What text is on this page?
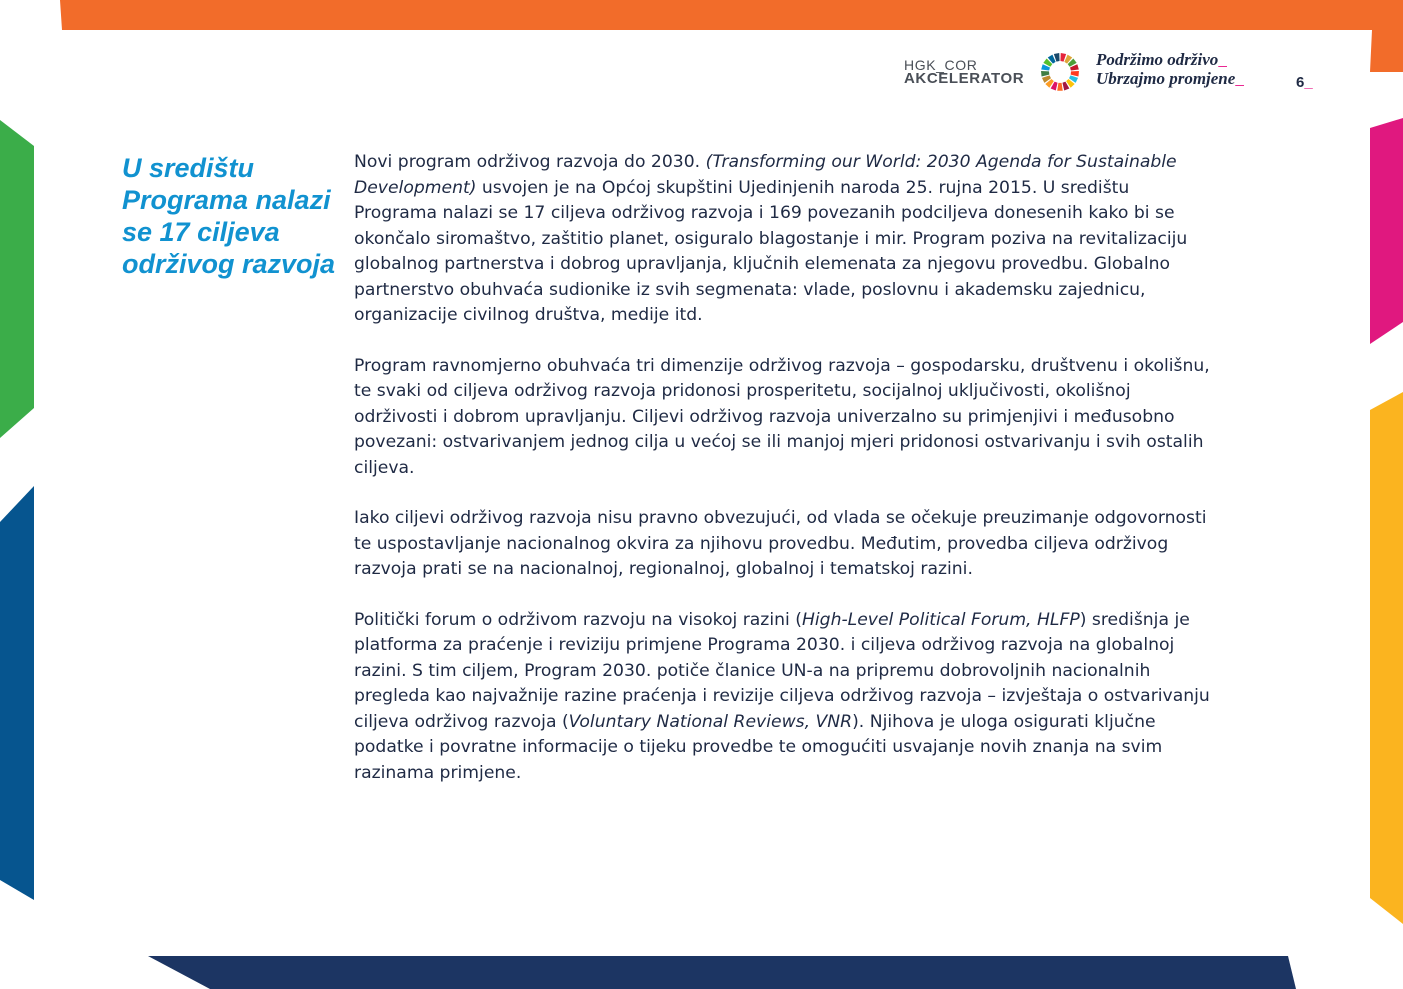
HGK_COR
AKCELERATOR
Podržimo održivo_
Ubrzajmo promjene_	6_
U središtu Programa nalazi se 17 ciljeva održivog razvoja

Novi program održivog razvoja do 2030. (Transforming our World: 2030 Agenda for Sustainable Development) usvojen je na Općoj skupštini Ujedinjenih naroda 25. rujna 2015. U središtu Programa nalazi se 17 ciljeva održivog razvoja i 169 povezanih podciljeva donesenih kako bi se okončalo siromaštvo, zaštitio planet, osiguralo blagostanje i mir. Program poziva na revitalizaciju globalnog partnerstva i dobrog upravljanja, ključnih elemenata za njegovu provedbu. Globalno partnerstvo obuhvaća sudionike iz svih segmenata: vlade, poslovnu i akademsku zajednicu, organizacije civilnog društva, medije itd.

Program ravnomjerno obuhvaća tri dimenzije održivog razvoja – gospodarsku, društvenu i okolišnu, te svaki od ciljeva održivog razvoja pridonosi prosperitetu, socijalnoj uključivosti, okolišnoj održivosti i dobrom upravljanju. Ciljevi održivog razvoja univerzalno su primjenjivi i međusobno povezani: ostvarivanjem jednog cilja u većoj se ili manjoj mjeri pridonosi ostvarivanju i svih ostalih ciljeva.

Iako ciljevi održivog razvoja nisu pravno obvezujući, od vlada se očekuje preuzimanje odgovornosti te uspostavljanje nacionalnog okvira za njihovu provedbu. Međutim, provedba ciljeva održivog razvoja prati se na nacionalnoj, regionalnoj, globalnoj i tematskoj razini.

Politički forum o održivom razvoju na visokoj razini (High-Level Political Forum, HLFP) središnja je platforma za praćenje i reviziju primjene Programa 2030. i ciljeva održivog razvoja na globalnoj razini. S tim ciljem, Program 2030. potiče članice UN-a na pripremu dobrovoljnih nacionalnih pregleda kao najvažnije razine praćenja i revizije ciljeva održivog razvoja – izvještaja o ostvarivanju ciljeva održivog razvoja (Voluntary National Reviews, VNR). Njihova je uloga osigurati ključne podatke i povratne informacije o tijeku provedbe te omogućiti usvajanje novih znanja na svim razinama primjene.
